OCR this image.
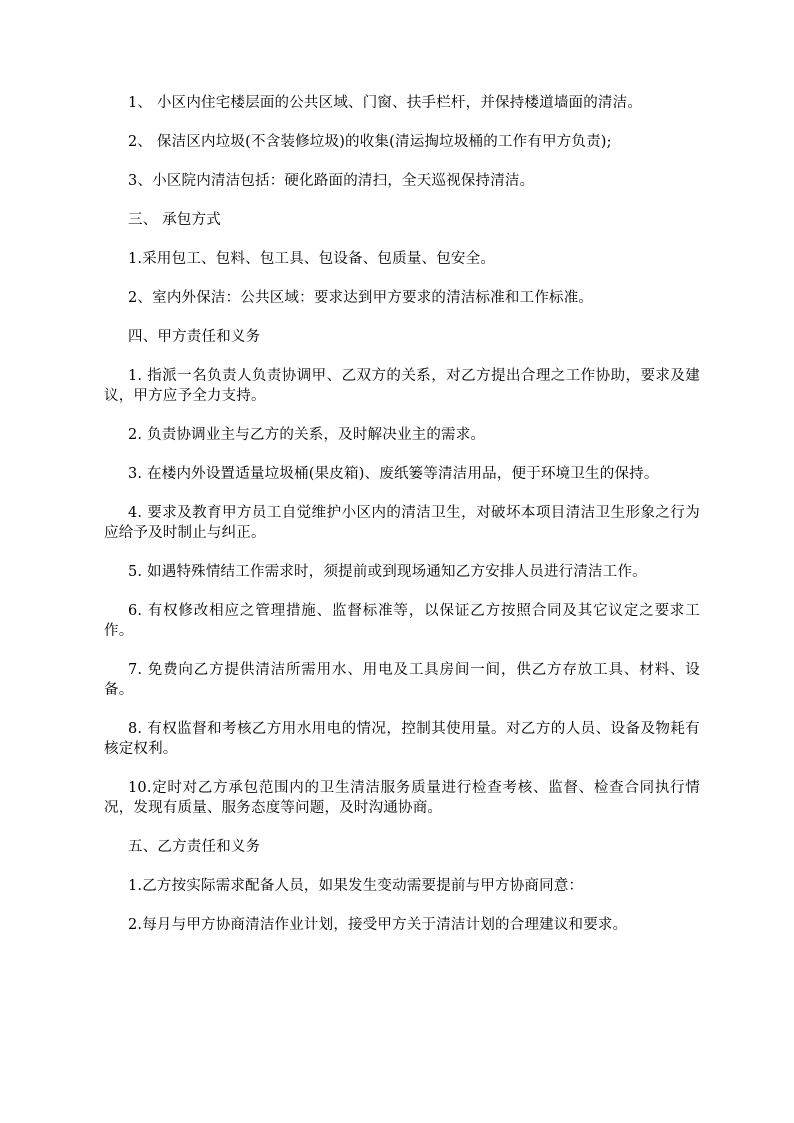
1、 小区内住宅楼层面的公共区域、门窗、扶手栏杆，并保持楼道墙面的清洁。

2、 保洁区内垃圾(不含装修垃圾)的收集(清运掏垃圾桶的工作有甲方负责);

3、小区院内清洁包括：硬化路面的清扫，全天巡视保持清洁。

三、 承包方式

1.采用包工、包料、包工具、包设备、包质量、包安全。

2、室内外保洁：公共区域：要求达到甲方要求的清洁标准和工作标准。

四、甲方责任和义务

1. 指派一名负责人负责协调甲、乙双方的关系，对乙方提出合理之工作协助，要求及建议，甲方应予全力支持。

2. 负责协调业主与乙方的关系，及时解决业主的需求。

3. 在楼内外设置适量垃圾桶(果皮箱)、废纸篓等清洁用品，便于环境卫生的保持。

4. 要求及教育甲方员工自觉维护小区内的清洁卫生，对破坏本项目清洁卫生形象之行为应给予及时制止与纠正。

5. 如遇特殊情结工作需求时，须提前或到现场通知乙方安排人员进行清洁工作。

6. 有权修改相应之管理措施、监督标准等，以保证乙方按照合同及其它议定之要求工作。

7. 免费向乙方提供清洁所需用水、用电及工具房间一间，供乙方存放工具、材料、设备。

8. 有权监督和考核乙方用水用电的情况，控制其使用量。对乙方的人员、设备及物耗有核定权利。

10.定时对乙方承包范围内的卫生清洁服务质量进行检查考核、监督、检查合同执行情况，发现有质量、服务态度等问题，及时沟通协商。

五、乙方责任和义务

1.乙方按实际需求配备人员，如果发生变动需要提前与甲方协商同意：

2.每月与甲方协商清洁作业计划，接受甲方关于清洁计划的合理建议和要求。
